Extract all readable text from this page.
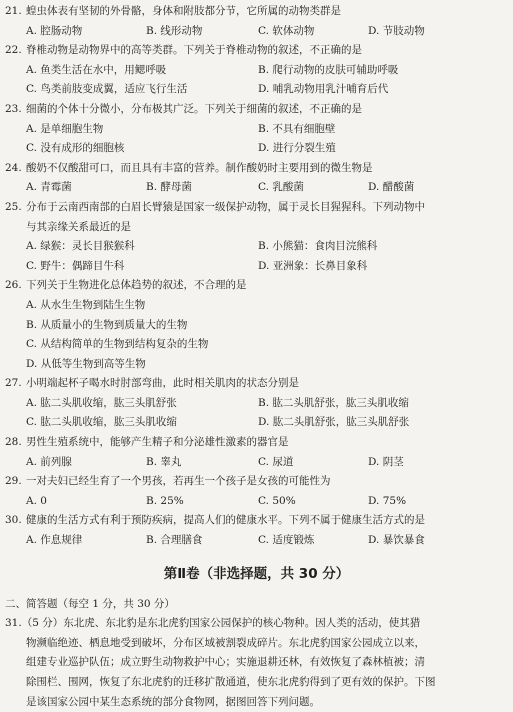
21. 蝗虫体表有坚韧的外骨骼，身体和附肢都分节，它所属的动物类群是
A. 腔肠动物	B. 线形动物	C. 软体动物	D. 节肢动物
22. 脊椎动物是动物界中的高等类群。下列关于脊椎动物的叙述，不正确的是
A. 鱼类生活在水中，用鳃呼吸	B. 爬行动物的皮肤可辅助呼吸
C. 鸟类前肢变成翼，适应飞行生活	D. 哺乳动物用乳汁哺育后代
23. 细菌的个体十分微小，分布极其广泛。下列关于细菌的叙述，不正确的是
A. 是单细胞生物	B. 不具有细胞壁
C. 没有成形的细胞核	D. 进行分裂生殖
24. 酸奶不仅酸甜可口，而且具有丰富的营养。制作酸奶时主要用到的微生物是
A. 青霉菌	B. 酵母菌	C. 乳酸菌	D. 醋酸菌
25. 分布于云南西南部的白眉长臂猿是国家一级保护动物，属于灵长目猩猩科。下列动物中
与其亲缘关系最近的是
A. 绿猴：灵长目猴猴科	B. 小熊猫：食肉目浣熊科
C. 野牛：偶蹄目牛科	D. 亚洲象：长鼻目象科
26. 下列关于生物进化总体趋势的叙述，不合理的是
A. 从水生生物到陆生生物
B. 从质量小的生物到质量大的生物
C. 从结构简单的生物到结构复杂的生物
D. 从低等生物到高等生物
27. 小明端起杯子喝水时肘部弯曲，此时相关肌肉的状态分别是
A. 肱二头肌收缩，肱三头肌舒张	B. 肱二头肌舒张，肱三头肌收缩
C. 肱二头肌收缩，肱三头肌收缩	D. 肱二头肌舒张，肱三头肌舒张
28. 男性生殖系统中，能够产生精子和分泌雄性激素的器官是
A. 前列腺	B. 睾丸	C. 尿道	D. 阴茎
29. 一对夫妇已经生育了一个男孩，若再生一个孩子是女孩的可能性为
A. 0	B. 25%	C. 50%	D. 75%
30. 健康的生活方式有利于预防疾病，提高人们的健康水平。下列不属于健康生活方式的是
A. 作息规律	B. 合理膳食	C. 适度锻炼	D. 暴饮暴食
第Ⅱ卷（非选择题，共 30 分）
二、简答题（每空 1 分，共 30 分）
31.（5 分）东北虎、东北豹是东北虎豹国家公园保护的核心物种。因人类的活动，使其猎
物濒临绝迹、栖息地受到破坏，分布区域被割裂成碎片。东北虎豹国家公园成立以来，
组建专业巡护队伍；成立野生动物救护中心；实施退耕还林，有效恢复了森林植被；清
除围栏、围网，恢复了东北虎豹的迁移扩散通道，使东北虎豹得到了更有效的保护。下图
是该国家公园中某生态系统的部分食物网，据图回答下列问题。
